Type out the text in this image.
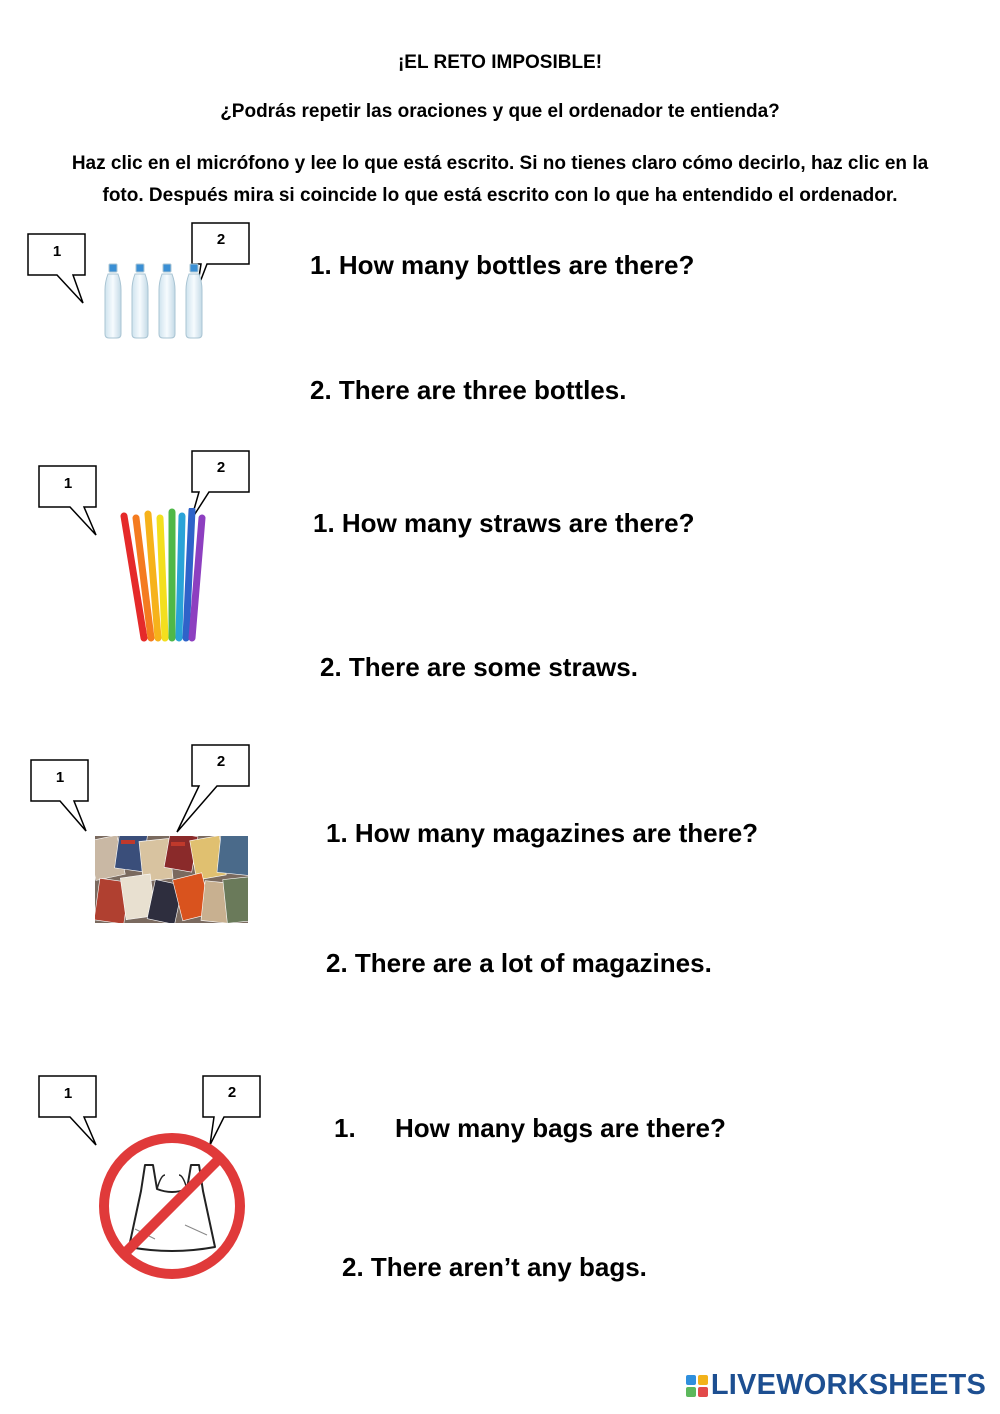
¡EL RETO IMPOSIBLE!
¿Podrás repetir las oraciones y que el ordenador te entienda?
Haz clic en el micrófono y lee lo que está escrito. Si no tienes claro cómo decirlo, haz clic en la foto. Después mira si coincide lo que está escrito con lo que ha entendido el ordenador.
1
2
1. How many bottles are there?
2. There are three bottles.
1
2
1. How many straws are there?
2. There are some straws.
1
2
1. How many magazines are there?
2. There are a lot of magazines.
1	2
1. How many bags are there?
2. There aren’t any bags.
LIVEWORKSHEETS
